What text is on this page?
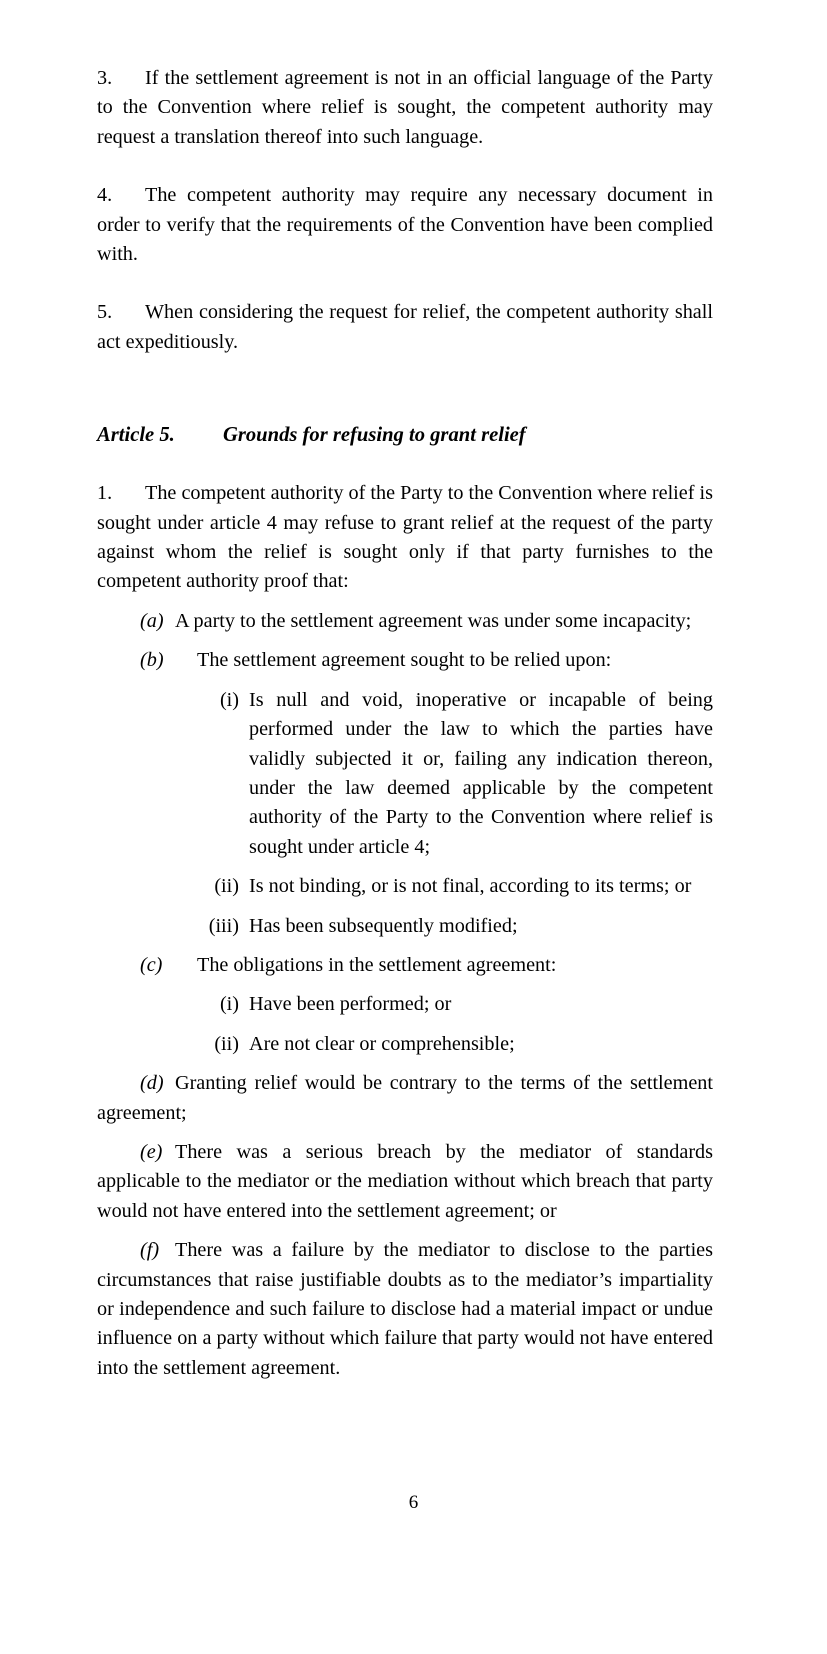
3. If the settlement agreement is not in an official language of the Party to the Convention where relief is sought, the competent authority may request a translation thereof into such language.

4. The competent authority may require any necessary document in order to verify that the requirements of the Convention have been complied with.

5. When considering the request for relief, the competent authority shall act expeditiously.

Article 5. Grounds for refusing to grant relief

1. The competent authority of the Party to the Convention where relief is sought under article 4 may refuse to grant relief at the request of the party against whom the relief is sought only if that party furnishes to the competent authority proof that:

(a) A party to the settlement agreement was under some incapacity;

(b) The settlement agreement sought to be relied upon:

(i) Is null and void, inoperative or incapable of being performed under the law to which the parties have validly subjected it or, failing any indication thereon, under the law deemed applicable by the competent authority of the Party to the Convention where relief is sought under article 4;

(ii) Is not binding, or is not final, according to its terms; or

(iii) Has been subsequently modified;

(c) The obligations in the settlement agreement:

(i) Have been performed; or

(ii) Are not clear or comprehensible;

(d) Granting relief would be contrary to the terms of the settlement agreement;

(e) There was a serious breach by the mediator of standards applicable to the mediator or the mediation without which breach that party would not have entered into the settlement agreement; or

(f) There was a failure by the mediator to disclose to the parties circumstances that raise justifiable doubts as to the mediator’s impartiality or independence and such failure to disclose had a material impact or undue influence on a party without which failure that party would not have entered into the settlement agreement.

6
